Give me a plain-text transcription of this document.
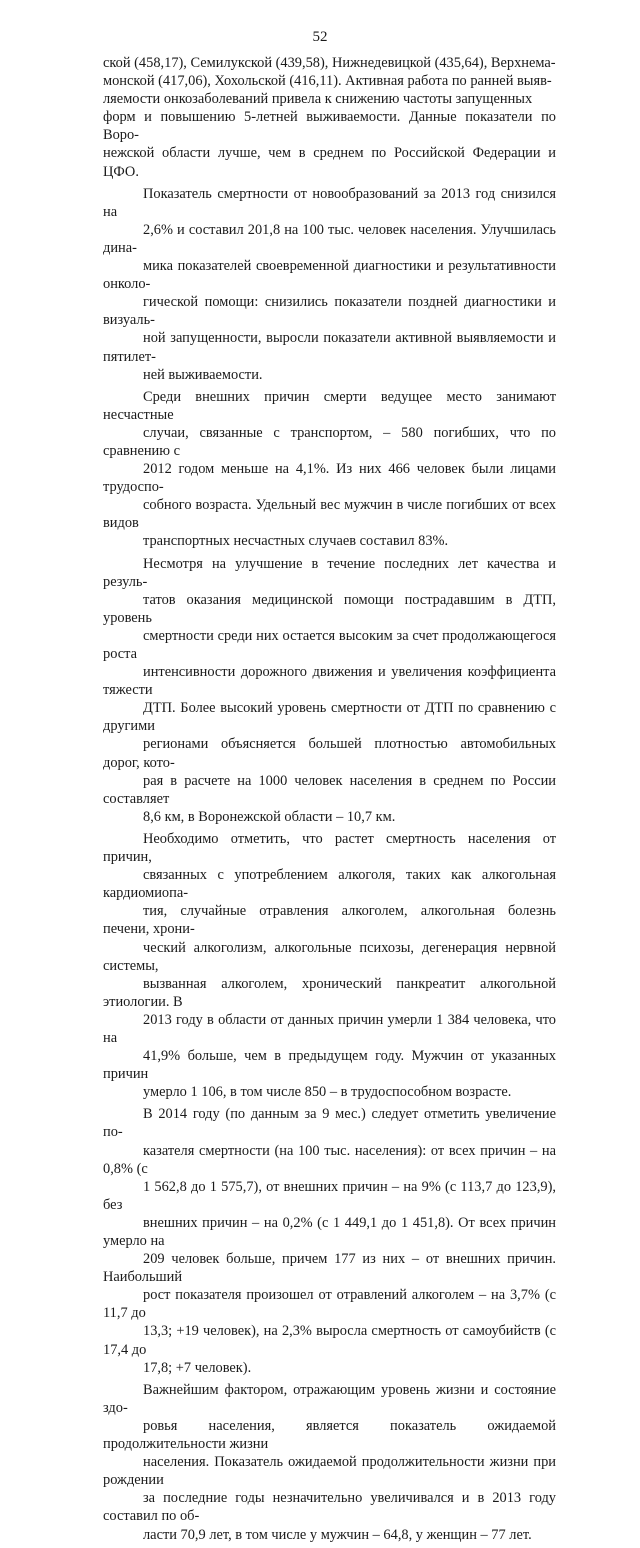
52

ской (458,17), Семилукской (439,58), Нижнедевицкой (435,64), Верхнема-
монской (417,06), Хохольской (416,11). Активная работа по ранней выяв-
ляемости онкозаболеваний привела к снижению частоты запущенных
форм и повышению 5-летней выживаемости. Данные показатели по Воро-
нежской области лучше, чем в среднем по Российской Федерации и ЦФО.

Показатель смертности от новообразований за 2013 год снизился на
2,6% и составил 201,8 на 100 тыс. человек населения. Улучшилась дина-
мика показателей своевременной диагностики и результативности онколо-
гической помощи: снизились показатели поздней диагностики и визуаль-
ной запущенности, выросли показатели активной выявляемости и пятилет-
ней выживаемости.

Среди внешних причин смерти ведущее место занимают несчастные
случаи, связанные с транспортом, – 580 погибших, что по сравнению с
2012 годом меньше на 4,1%. Из них 466 человек были лицами трудоспо-
собного возраста. Удельный вес мужчин в числе погибших от всех видов
транспортных несчастных случаев составил 83%.

Несмотря на улучшение в течение последних лет качества и резуль-
татов оказания медицинской помощи пострадавшим в ДТП, уровень
смертности среди них остается высоким за счет продолжающегося роста
интенсивности дорожного движения и увеличения коэффициента тяжести
ДТП. Более высокий уровень смертности от ДТП по сравнению с другими
регионами объясняется большей плотностью автомобильных дорог, кото-
рая в расчете на 1000 человек населения в среднем по России составляет
8,6 км, в Воронежской области – 10,7 км.

Необходимо отметить, что растет смертность населения от причин,
связанных с употреблением алкоголя, таких как алкогольная кардиомиопа-
тия, случайные отравления алкоголем, алкогольная болезнь печени, хрони-
ческий алкоголизм, алкогольные психозы, дегенерация нервной системы,
вызванная алкоголем, хронический панкреатит алкогольной этиологии. В
2013 году в области от данных причин умерли 1 384 человека, что на
41,9% больше, чем в предыдущем году. Мужчин от указанных причин
умерло 1 106, в том числе 850 – в трудоспособном возрасте.

В 2014 году (по данным за 9 мес.) следует отметить увеличение по-
казателя смертности (на 100 тыс. населения): от всех причин – на 0,8% (с
1 562,8 до 1 575,7), от внешних причин – на 9% (с 113,7 до 123,9), без
внешних причин – на 0,2% (с 1 449,1 до 1 451,8). От всех причин умерло на
209 человек больше, причем 177 из них – от внешних причин. Наибольший
рост показателя произошел от отравлений алкоголем – на 3,7% (с 11,7 до
13,3; +19 человек), на 2,3% выросла смертность от самоубийств (с 17,4 до
17,8; +7 человек).

Важнейшим фактором, отражающим уровень жизни и состояние здо-
ровья населения, является показатель ожидаемой продолжительности жизни
населения. Показатель ожидаемой продолжительности жизни при рождении
за последние годы незначительно увеличивался и в 2013 году составил по об-
ласти 70,9 лет, в том числе у мужчин – 64,8, у женщин – 77 лет.
